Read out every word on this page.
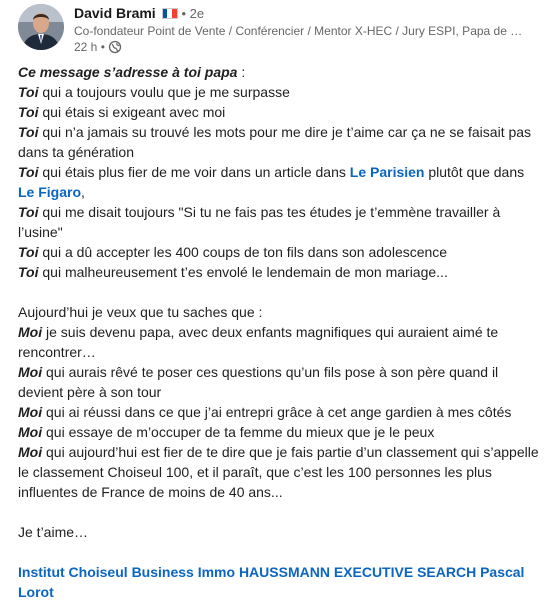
David Brami
• 2e
Co-fondateur Point de Vente / Conférencier / Mentor X-HEC / Jury ESPI, Papa de …
22 h •

Ce message s’adresse à toi papa :

Toi qui a toujours voulu que je me surpasse

Toi qui étais si exigeant avec moi

Toi qui n’a jamais su trouvé les mots pour me dire je t’aime car ça ne se faisait pas dans ta génération

Toi qui étais plus fier de me voir dans un article dans Le Parisien plutôt que dans Le Figaro,

Toi qui me disait toujours "Si tu ne fais pas tes études je t’emmène travailler à l’usine"

Toi qui a dû accepter les 400 coups de ton fils dans son adolescence

Toi qui malheureusement t’es envolé le lendemain de mon mariage...

Aujourd’hui je veux que tu saches que :

Moi je suis devenu papa, avec deux enfants magnifiques qui auraient aimé te rencontrer…

Moi qui aurais rêvé te poser ces questions qu’un fils pose à son père quand il devient père à son tour

Moi qui ai réussi dans ce que j’ai entrepri grâce à cet ange gardien à mes côtés

Moi qui essaye de m’occuper de ta femme du mieux que je le peux

Moi qui aujourd’hui est fier de te dire que je fais partie d’un classement qui s’appelle le classement Choiseul 100, et il paraît, que c’est les 100 personnes les plus influentes de France de moins de 40 ans...

Je t’aime…

Institut Choiseul Business Immo HAUSSMANN EXECUTIVE SEARCH Pascal Lorot
